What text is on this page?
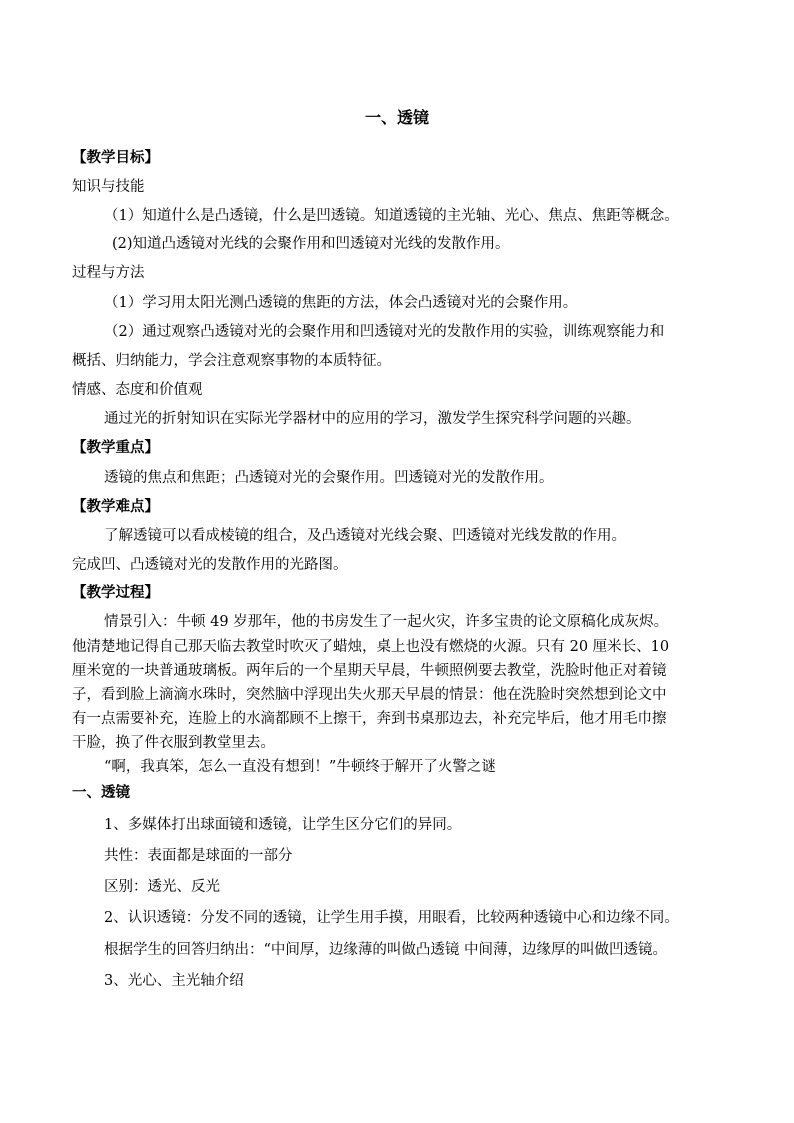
一、透镜
【教学目标】
知识与技能
（1）知道什么是凸透镜，什么是凹透镜。知道透镜的主光轴、光心、焦点、焦距等概念。
(2)知道凸透镜对光线的会聚作用和凹透镜对光线的发散作用。
过程与方法
（1）学习用太阳光测凸透镜的焦距的方法，体会凸透镜对光的会聚作用。
（2）通过观察凸透镜对光的会聚作用和凹透镜对光的发散作用的实验，训练观察能力和
概括、归纳能力，学会注意观察事物的本质特征。
情感、态度和价值观
通过光的折射知识在实际光学器材中的应用的学习，激发学生探究科学问题的兴趣。
【教学重点】
透镜的焦点和焦距；凸透镜对光的会聚作用。凹透镜对光的发散作用。
【教学难点】
了解透镜可以看成棱镜的组合，及凸透镜对光线会聚、凹透镜对光线发散的作用。
完成凹、凸透镜对光的发散作用的光路图。
【教学过程】
情景引入：牛顿 49 岁那年，他的书房发生了一起火灾，许多宝贵的论文原稿化成灰烬。
他清楚地记得自己那天临去教堂时吹灭了蜡烛，桌上也没有燃烧的火源。只有 20 厘米长、10
厘米宽的一块普通玻璃板。两年后的一个星期天早晨，牛顿照例要去教堂，洗脸时他正对着镜
子，看到脸上滴滴水珠时，突然脑中浮现出失火那天早晨的情景：他在洗脸时突然想到论文中
有一点需要补充，连脸上的水滴都顾不上擦干，奔到书桌那边去，补充完毕后，他才用毛巾擦
干脸，换了件衣服到教堂里去。
“啊，我真笨，怎么一直没有想到！”牛顿终于解开了火警之谜
一、透镜
1、多媒体打出球面镜和透镜，让学生区分它们的异同。
共性：表面都是球面的一部分
区别：透光、反光
2、认识透镜：分发不同的透镜，让学生用手摸，用眼看，比较两种透镜中心和边缘不同。
根据学生的回答归纳出：“中间厚，边缘薄的叫做凸透镜 中间薄，边缘厚的叫做凹透镜。
3、光心、主光轴介绍
